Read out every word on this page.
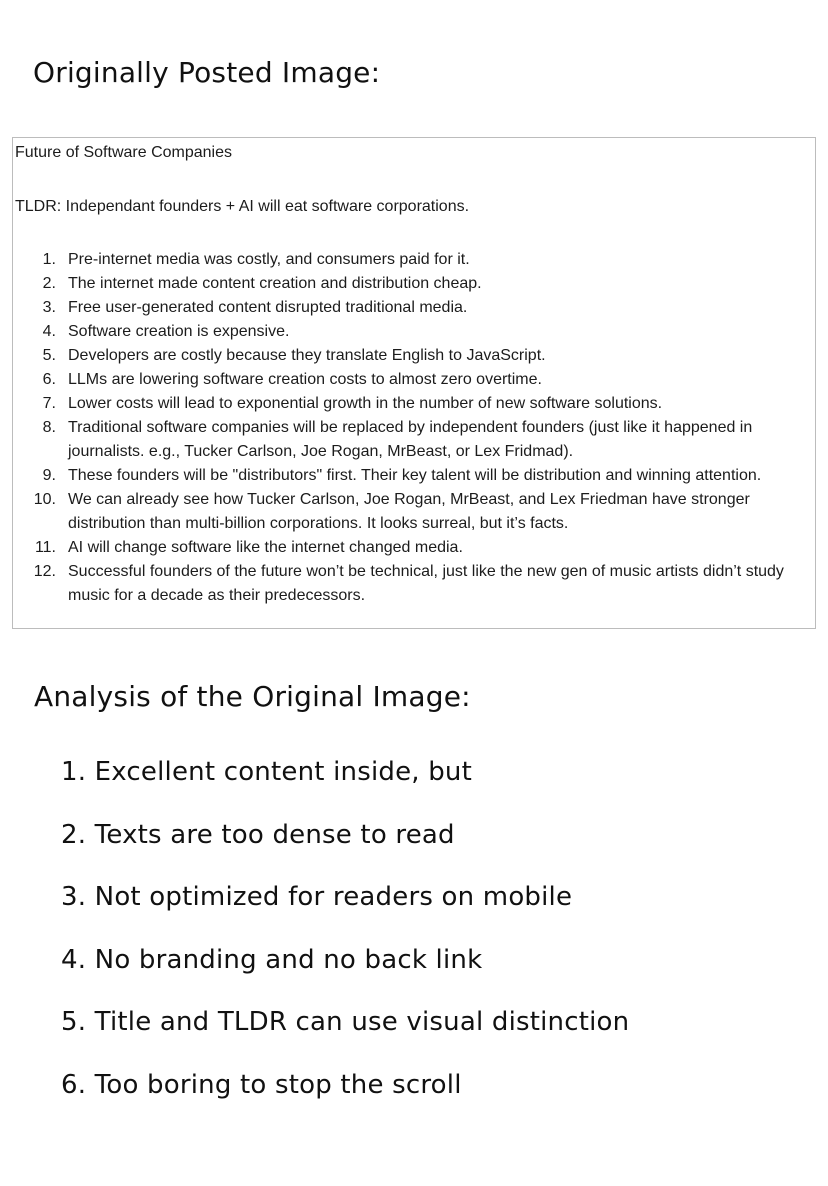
Originally Posted Image:
Future of Software Companies
TLDR: Independant founders + AI will eat software corporations.
1. Pre-internet media was costly, and consumers paid for it.
2. The internet made content creation and distribution cheap.
3. Free user-generated content disrupted traditional media.
4. Software creation is expensive.
5. Developers are costly because they translate English to JavaScript.
6. LLMs are lowering software creation costs to almost zero overtime.
7. Lower costs will lead to exponential growth in the number of new software solutions.
8. Traditional software companies will be replaced by independent founders (just like it happened in journalists. e.g., Tucker Carlson, Joe Rogan, MrBeast, or Lex Fridmad).
9. These founders will be "distributors" first. Their key talent will be distribution and winning attention.
10. We can already see how Tucker Carlson, Joe Rogan, MrBeast, and Lex Friedman have stronger distribution than multi-billion corporations. It looks surreal, but it’s facts.
11. AI will change software like the internet changed media.
12. Successful founders of the future won’t be technical, just like the new gen of music artists didn’t study music for a decade as their predecessors.
Analysis of the Original Image:
1. Excellent content inside, but
2. Texts are too dense to read
3. Not optimized for readers on mobile
4. No branding and no back link
5. Title and TLDR can use visual distinction
6. Too boring to stop the scroll
